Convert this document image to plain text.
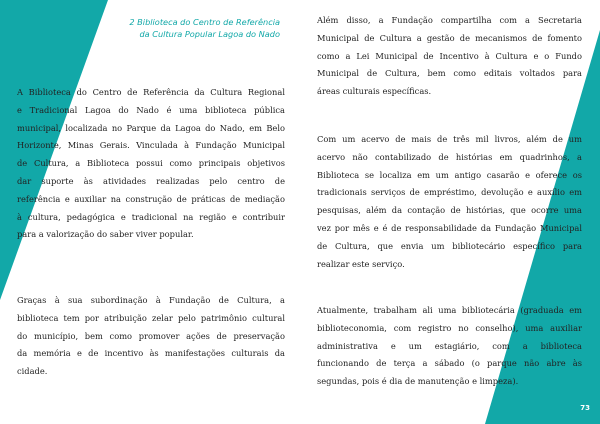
2 Biblioteca do Centro de Referência
da Cultura Popular Lagoa do Nado
A Biblioteca do Centro de Referência da Cultura Regional
e Tradicional Lagoa do Nado é uma biblioteca pública
municipal, localizada no Parque da Lagoa do Nado, em Belo
Horizonte, Minas Gerais. Vinculada à Fundação Municipal
de Cultura, a Biblioteca possui como principais objetivos
dar suporte às atividades realizadas pelo centro de
referência e auxiliar na construção de práticas de mediação
à cultura, pedagógica e tradicional na região e contribuir
para a valorização do saber viver popular.
Graças à sua subordinação à Fundação de Cultura, a
biblioteca tem por atribuição zelar pelo patrimônio cultural
do município, bem como promover ações de preservação
da memória e de incentivo às manifestações culturais da
cidade.
Além disso, a Fundação compartilha com a Secretaria
Municipal de Cultura a gestão de mecanismos de fomento
como a Lei Municipal de Incentivo à Cultura e o Fundo
Municipal de Cultura, bem como editais voltados para
áreas culturais específicas.
Com um acervo de mais de três mil livros, além de um
acervo não contabilizado de histórias em quadrinhos, a
Biblioteca se localiza em um antigo casarão e oferece os
tradicionais serviços de empréstimo, devolução e auxílio em
pesquisas, além da contação de histórias, que ocorre uma
vez por mês e é de responsabilidade da Fundação Municipal
de Cultura, que envia um bibliotecário específico para
realizar este serviço.
Atualmente, trabalham ali uma bibliotecária (graduada em
biblioteconomia, com registro no conselho), uma auxiliar
administrativa e um estagiário, com a biblioteca
funcionando de terça a sábado (o parque não abre às
segundas, pois é dia de manutenção e limpeza).
73
